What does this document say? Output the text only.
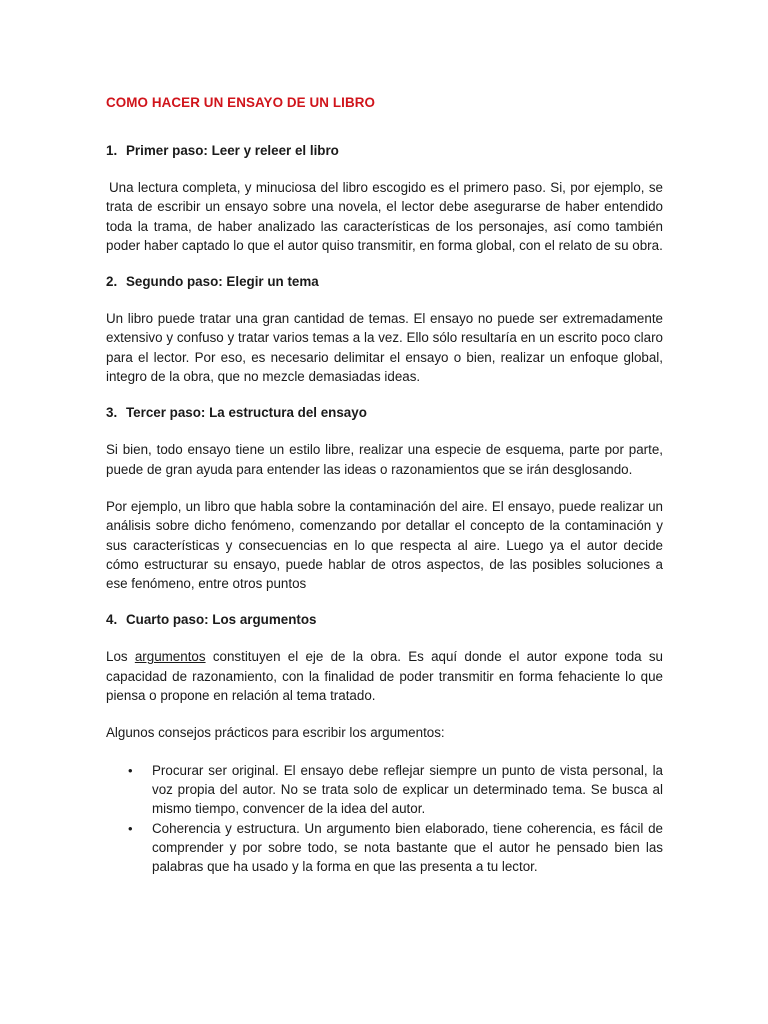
COMO HACER UN ENSAYO DE UN LIBRO
1. Primer paso: Leer y releer el libro

Una lectura completa, y minuciosa del libro escogido es el primero paso. Si, por ejemplo, se trata de escribir un ensayo sobre una novela, el lector debe asegurarse de haber entendido toda la trama, de haber analizado las características de los personajes, así como también poder haber captado lo que el autor quiso transmitir, en forma global, con el relato de su obra.

2. Segundo paso: Elegir un tema

Un libro puede tratar una gran cantidad de temas. El ensayo no puede ser extremadamente extensivo y confuso y tratar varios temas a la vez. Ello sólo resultaría en un escrito poco claro para el lector. Por eso, es necesario delimitar el ensayo o bien, realizar un enfoque global, integro de la obra, que no mezcle demasiadas ideas.

3. Tercer paso: La estructura del ensayo

Si bien, todo ensayo tiene un estilo libre, realizar una especie de esquema, parte por parte, puede de gran ayuda para entender las ideas o razonamientos que se irán desglosando.

Por ejemplo, un libro que habla sobre la contaminación del aire. El ensayo, puede realizar un análisis sobre dicho fenómeno, comenzando por detallar el concepto de la contaminación y sus características y consecuencias en lo que respecta al aire. Luego ya el autor decide cómo estructurar su ensayo, puede hablar de otros aspectos, de las posibles soluciones a ese fenómeno, entre otros puntos

4. Cuarto paso: Los argumentos

Los argumentos constituyen el eje de la obra. Es aquí donde el autor expone toda su capacidad de razonamiento, con la finalidad de poder transmitir en forma fehaciente lo que piensa o propone en relación al tema tratado.

Algunos consejos prácticos para escribir los argumentos:

• Procurar ser original. El ensayo debe reflejar siempre un punto de vista personal, la voz propia del autor. No se trata solo de explicar un determinado tema. Se busca al mismo tiempo, convencer de la idea del autor.
• Coherencia y estructura. Un argumento bien elaborado, tiene coherencia, es fácil de comprender y por sobre todo, se nota bastante que el autor he pensado bien las palabras que ha usado y la forma en que las presenta a tu lector.
